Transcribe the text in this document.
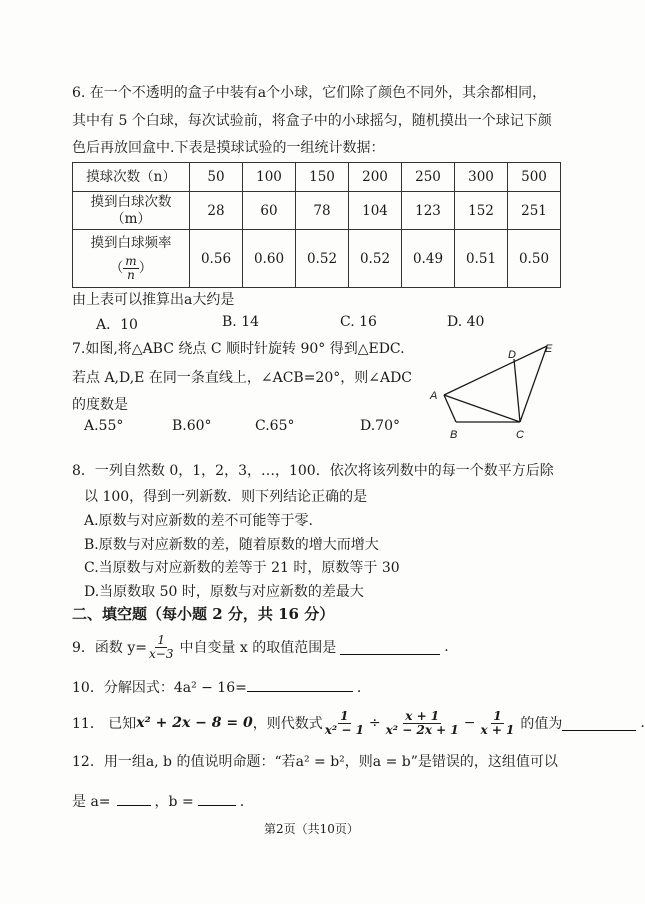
6. 在一个不透明的盒子中装有a个小球，它们除了颜色不同外，其余都相同，
其中有 5 个白球，每次试验前，将盒子中的小球摇匀，随机摸出一个球记下颜
色后再放回盒中.下表是摸球试验的一组统计数据：
摸球次数（n）	50	100	150	200	250	300	500

摸到白球次数
（m）	28	60	78	104	123	152	251

摸到白球频率
（ $\frac{m}{n}$ ）	0.56	0.60	0.52	0.52	0.49	0.51	0.50
由上表可以推算出a大约是
A．10	B. 14	C. 16	D. 40
7.如图,将△ABC 绕点 C 顺时针旋转 90° 得到△EDC.
若点 A,D,E 在同一条直线上，∠ACB=20°，则∠ADC
的度数是
A.55°	B.60°	C.65°	D.70°
A
B	C
D	E
8．一列自然数 0，1，2，3，…，100．依次将该列数中的每一个数平方后除
以 100，得到一列新数．则下列结论正确的是
A.原数与对应新数的差不可能等于零.
B.原数与对应新数的差，随着原数的增大而增大
C.当原数与对应新数的差等于 21 时，原数等于 30
D.当原数取 50 时，原数与对应新数的差最大
二、填空题（每小题 2 分，共 16 分）
9．函数 $y= \frac{1}{x-3}$ 中自变量 x 的取值范围是	.
10．分解因式：4a² − 16=	.
11． 已知 x² + 2x − 8 = 0 ，则代数式 $\frac{1}{\text{x² − 1}} \div \frac{x + 1}{\text{x² − 2x + 1}} - \frac{1}{x + 1}$ 的值为	.
12．用一组a, b 的值说明命题：“若a² = b²，则a = b”是错误的，这组值可以
是 a=	，b =	.
第2页（共10页）
